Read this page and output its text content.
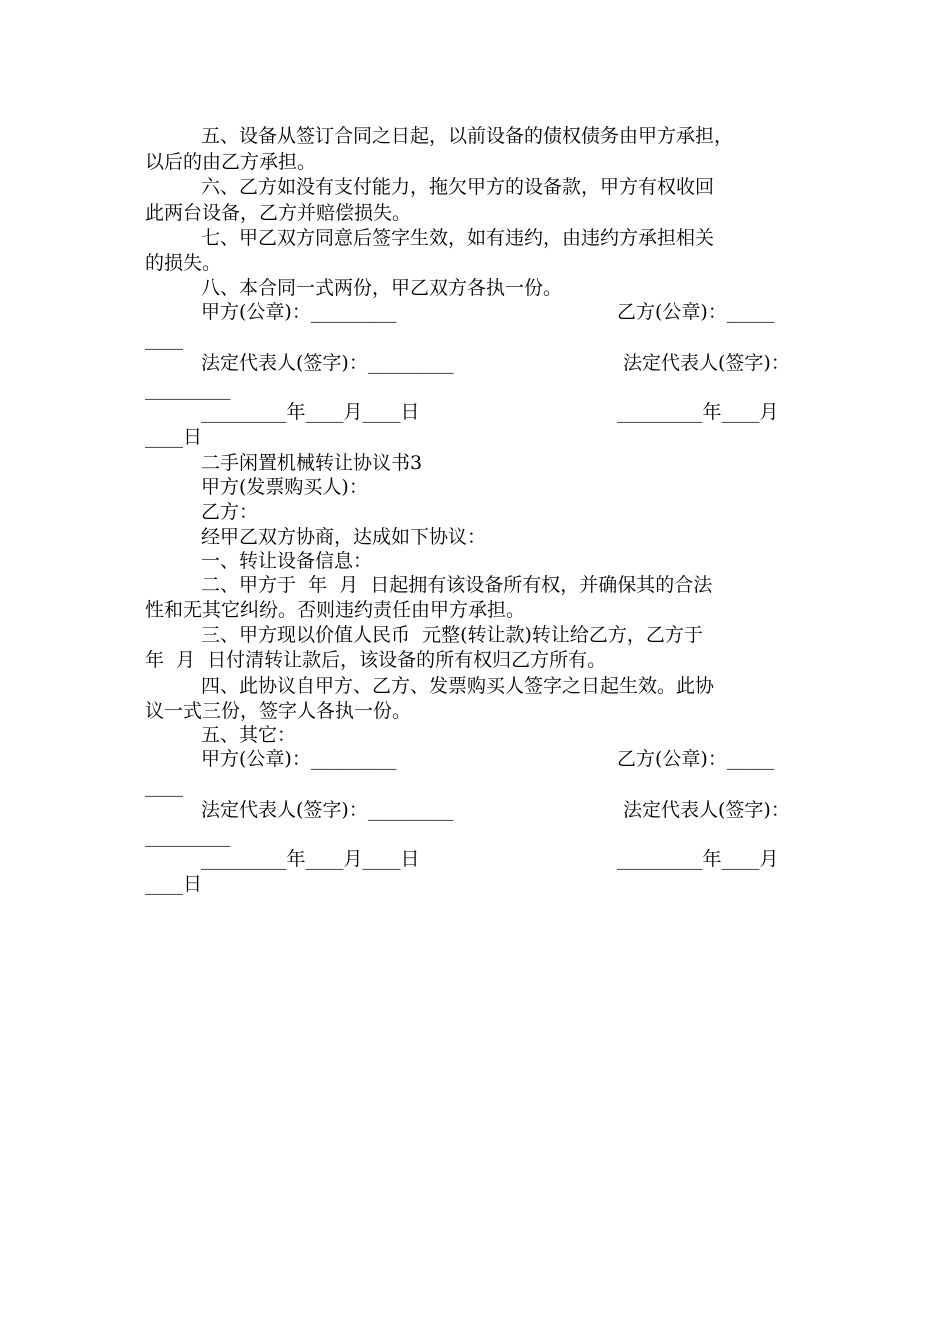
五、设备从签订合同之日起，以前设备的债权债务由甲方承担，
以后的由乙方承担。
六、乙方如没有支付能力，拖欠甲方的设备款，甲方有权收回
此两台设备，乙方并赔偿损失。
七、甲乙双方同意后签字生效，如有违约，由违约方承担相关
的损失。
八、本合同一式两份，甲乙双方各执一份。
甲方(公章)：_________	乙方(公章)：_____
____
法定代表人(签字)：_________	法定代表人(签字)：
_________
_________年____月____日	_________年____月
____日
二手闲置机械转让协议书3
甲方(发票购买人)：
乙方：
经甲乙双方协商，达成如下协议：
一、转让设备信息：
二、甲方于  年  月  日起拥有该设备所有权，并确保其的合法
性和无其它纠纷。否则违约责任由甲方承担。
三、甲方现以价值人民币  元整(转让款)转让给乙方，乙方于
年  月  日付清转让款后，该设备的所有权归乙方所有。
四、此协议自甲方、乙方、发票购买人签字之日起生效。此协
议一式三份，签字人各执一份。
五、其它：
甲方(公章)：_________	乙方(公章)：_____
____
法定代表人(签字)：_________	法定代表人(签字)：
_________
_________年____月____日	_________年____月
____日
